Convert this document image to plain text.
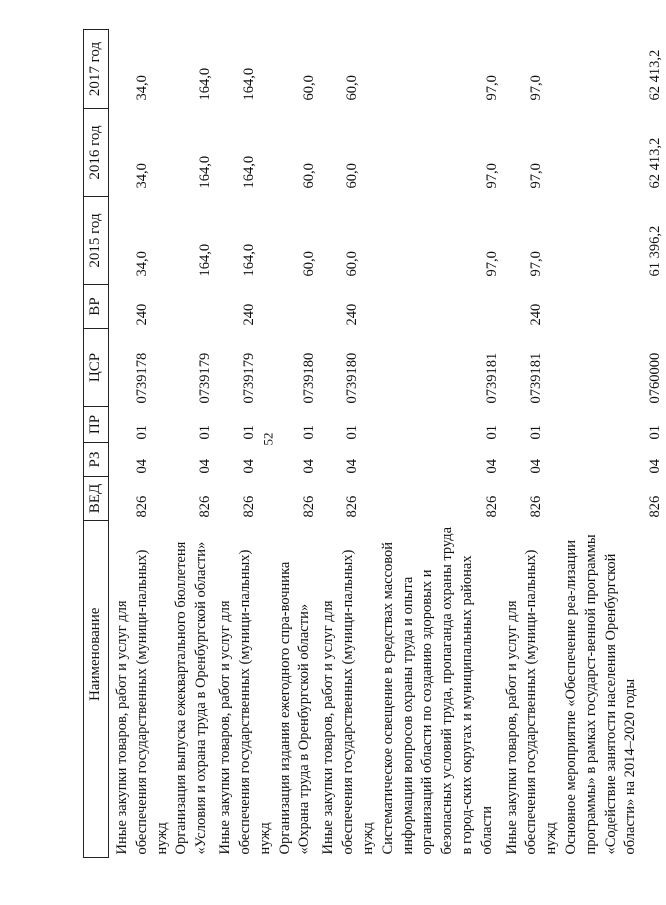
52
Наименование	ВЕД	РЗ	ПР	ЦСР	ВР	2015 год	2016 год	2017 год
Иные закупки товаров, работ и услуг для обеспечения государственных (муници-пальных) нужд	826	04	01	0739178	240	34,0	34,0	34,0
Организация выпуска ежеквартального бюллетеня «Условия и охрана труда в Оренбургской области»	826	04	01	0739179		164,0	164,0	164,0
Иные закупки товаров, работ и услуг для обеспечения государственных (муници-пальных) нужд	826	04	01	0739179	240	164,0	164,0	164,0
Организация издания ежегодного спра-вочника «Охрана труда в Оренбургской области»	826	04	01	0739180		60,0	60,0	60,0
Иные закупки товаров, работ и услуг для обеспечения государственных (муници-пальных) нужд	826	04	01	0739180	240	60,0	60,0	60,0
Систематическое освещение в средствах массовой информации вопросов охраны труда и опыта организаций области по созданию здоровых и безопасных условий труда, пропаганда охраны труда в город-ских округах и муниципальных районах области	826	04	01	0739181		97,0	97,0	97,0
Иные закупки товаров, работ и услуг для обеспечения государственных (муници-пальных) нужд	826	04	01	0739181	240	97,0	97,0	97,0
Основное мероприятие «Обеспечение реа-лизации программы» в рамках государст-венной программы «Содействие занятости населения Оренбургской области» на 2014–2020 годы	826	04	01	0760000		61 396,2	62 413,2	62 413,2
